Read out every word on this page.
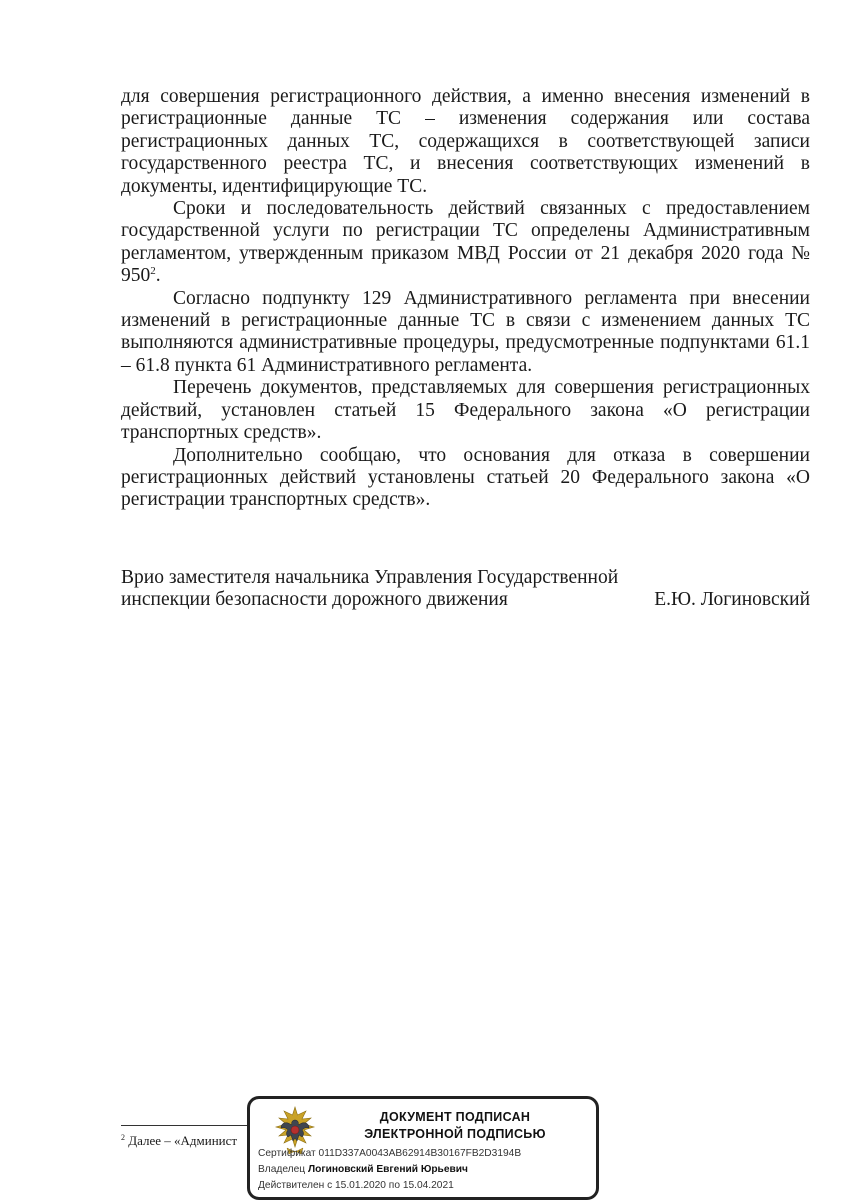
для совершения регистрационного действия, а именно внесения изменений в регистрационные данные ТС – изменения содержания или состава регистрационных данных ТС, содержащихся в соответствующей записи государственного реестра ТС, и внесения соответствующих изменений в документы, идентифицирующие ТС.

Сроки и последовательность действий связанных с предоставлением государственной услуги по регистрации ТС определены Административным регламентом, утвержденным приказом МВД России от 21 декабря 2020 года № $950^2$.

Согласно подпункту 129 Административного регламента при внесении изменений в регистрационные данные ТС в связи с изменением данных ТС выполняются административные процедуры, предусмотренные подпунктами 61.1 – 61.8 пункта 61 Административного регламента.

Перечень документов, представляемых для совершения регистрационных действий, установлен статьей 15 Федерального закона «О регистрации транспортных средств».

Дополнительно сообщаю, что основания для отказа в совершении регистрационных действий установлены статьей 20 Федерального закона «О регистрации транспортных средств».

Врио заместителя начальника Управления Государственной
инспекции безопасности дорожного движения	Е.Ю. Логиновский
$^2$ Далее – «Админист
ДОКУМЕНТ ПОДПИСАН
ЭЛЕКТРОННОЙ ПОДПИСЬЮ
Сертификат 011D337A0043AB62914B30167FB2D3194B
Владелец Логиновский Евгений Юрьевич
Действителен с 15.01.2020 по 15.04.2021
